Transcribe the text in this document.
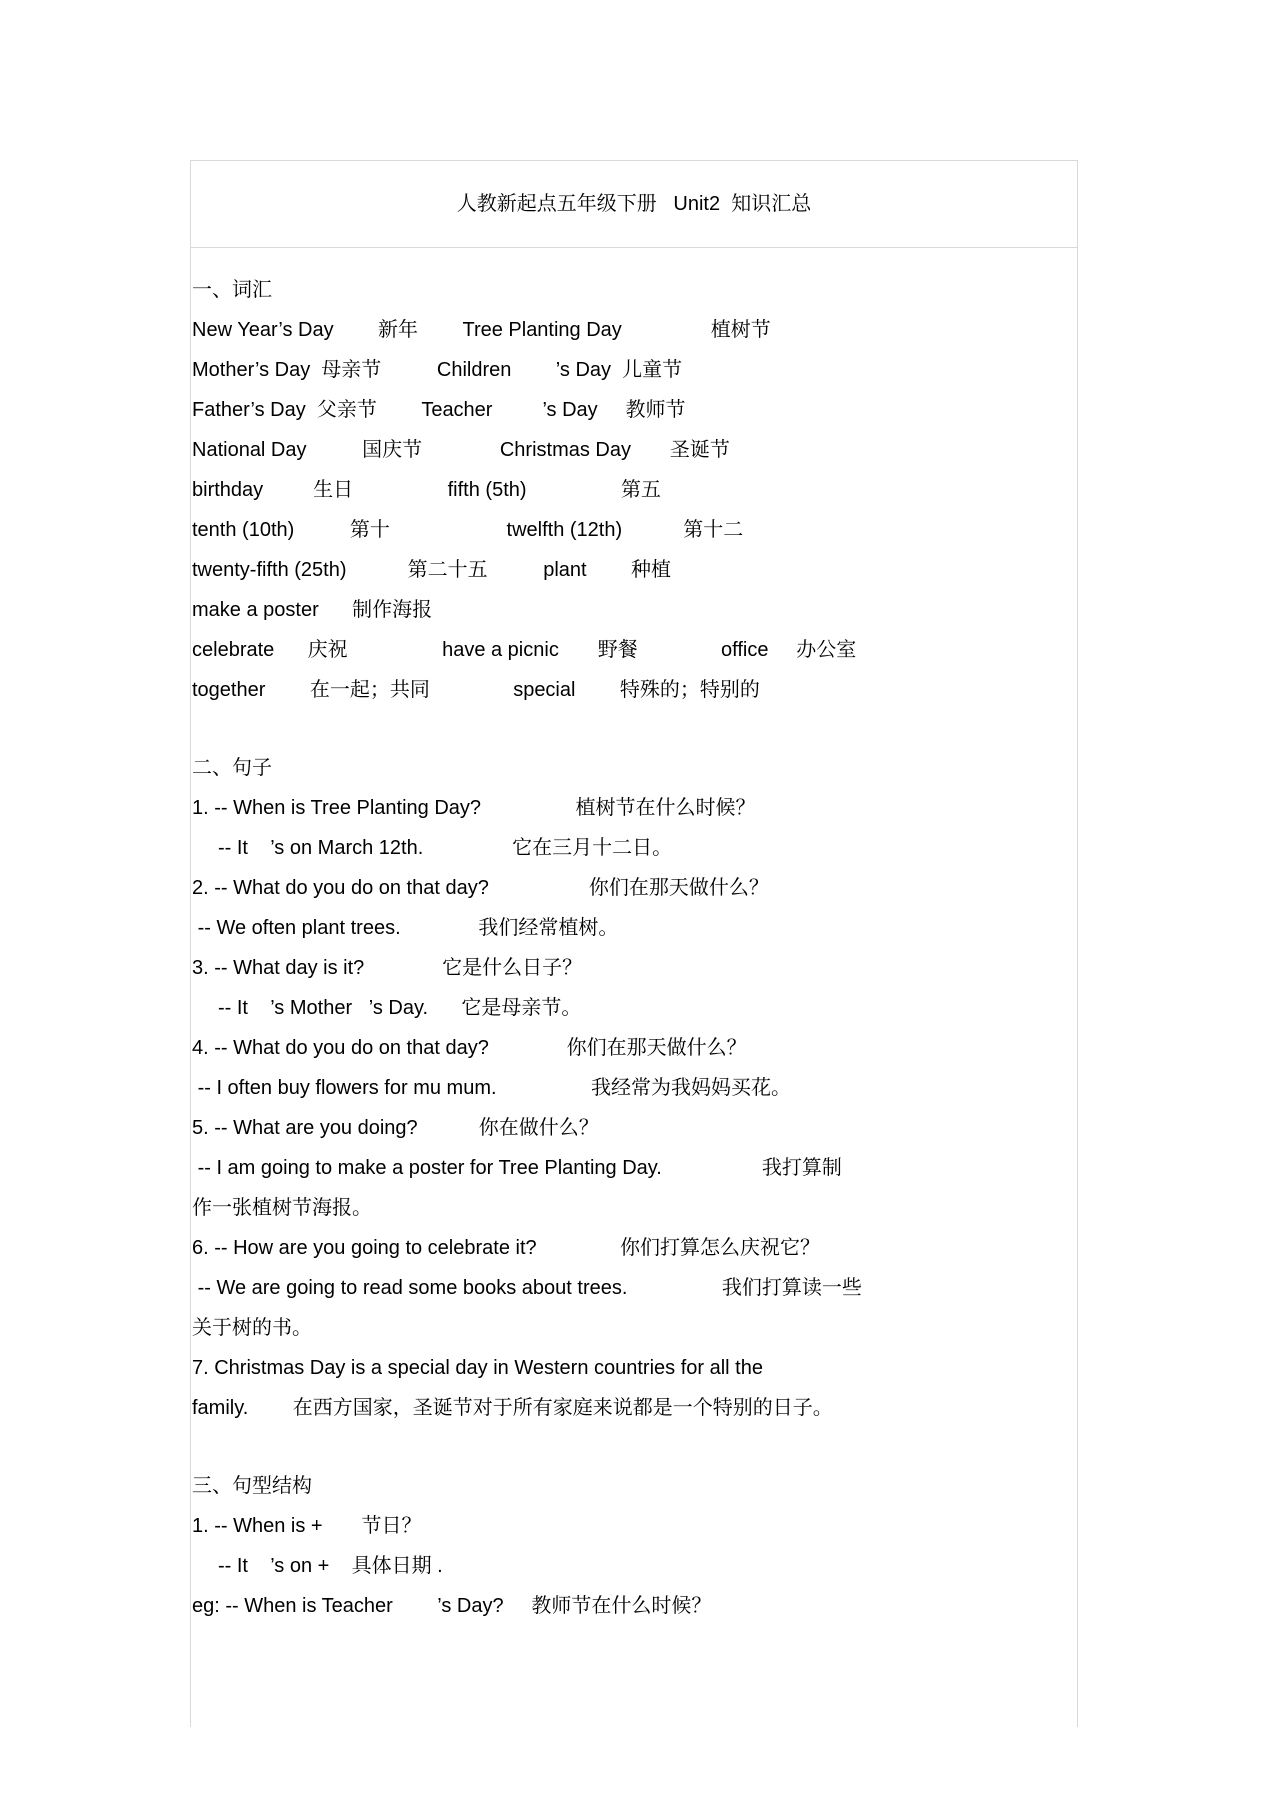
人教新起点五年级下册   Unit2  知识汇总

一、词汇

New Year’s Day        新年        Tree Planting Day                植树节

Mother’s Day  母亲节          Children        ’s Day  儿童节

Father’s Day  父亲节        Teacher         ’s Day     教师节

National Day          国庆节              Christmas Day       圣诞节

birthday         生日                 fifth (5th)                 第五

tenth (10th)          第十                     twelfth (12th)           第十二

twenty-fifth (25th)           第二十五          plant        种植

make a poster      制作海报

celebrate      庆祝                 have a picnic       野餐               office     办公室

together        在一起；共同               special        特殊的；特别的

二、句子

1. -- When is Tree Planting Day?                 植树节在什么时候？

-- It    ’s on March 12th.                它在三月十二日。

2. -- What do you do on that day?                  你们在那天做什么？

-- We often plant trees.              我们经常植树。

3. -- What day is it?              它是什么日子？

-- It    ’s Mother   ’s Day.      它是母亲节。

4. -- What do you do on that day?              你们在那天做什么？

-- I often buy flowers for mu mum.                 我经常为我妈妈买花。

5. -- What are you doing?           你在做什么？

-- I am going to make a poster for Tree Planting Day.                  我打算制

作一张植树节海报。

6. -- How are you going to celebrate it?               你们打算怎么庆祝它？

-- We are going to read some books about trees.                 我们打算读一些

关于树的书。

7. Christmas Day is a special day in Western countries for all the

family.        在西方国家，圣诞节对于所有家庭来说都是一个特别的日子。

三、句型结构

1. -- When is +       节日？

-- It    ’s on +    具体日期 .

eg: -- When is Teacher        ’s Day?     教师节在什么时候？
